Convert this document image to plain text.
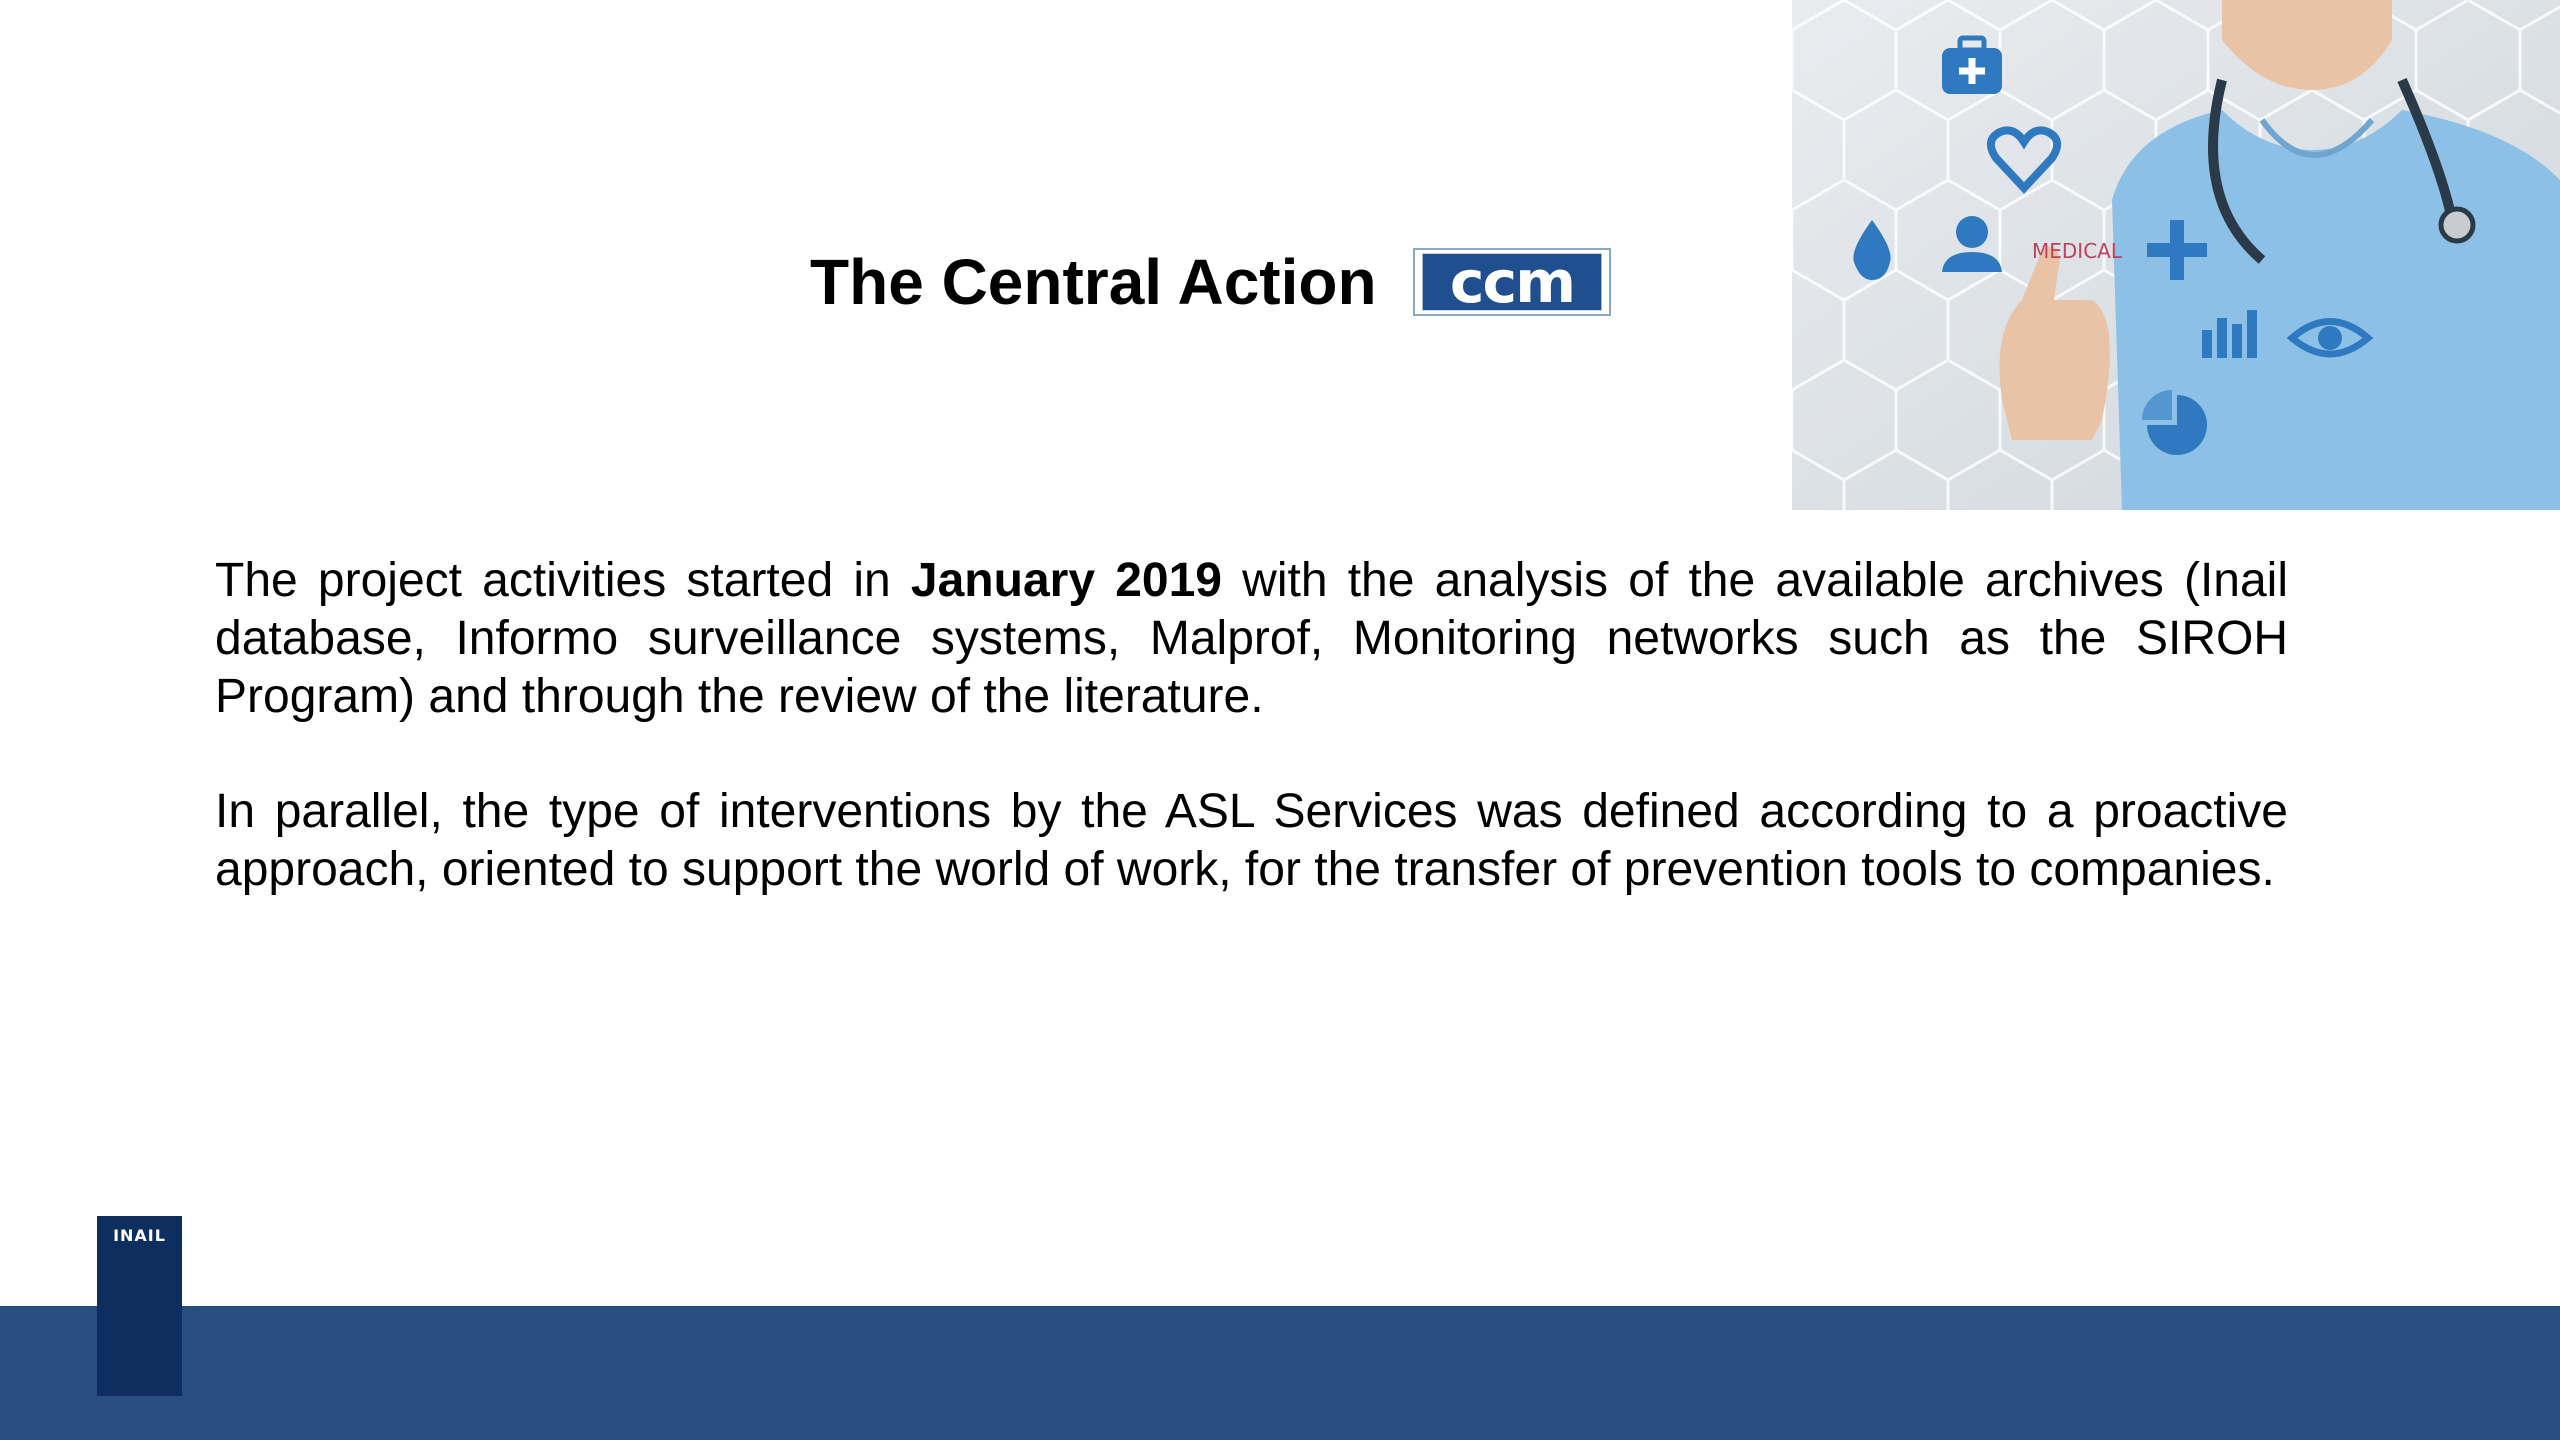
The Central Action ccm	MEDICAL

The project activities started in January 2019 with the analysis of the available archives (Inail database, Informo surveillance systems, Malprof, Monitoring networks such as the SIROH Program) and through the review of the literature.

In parallel, the type of interventions by the ASL Services was defined according to a proactive approach, oriented to support the world of work, for the transfer of prevention tools to companies.

INAIL
